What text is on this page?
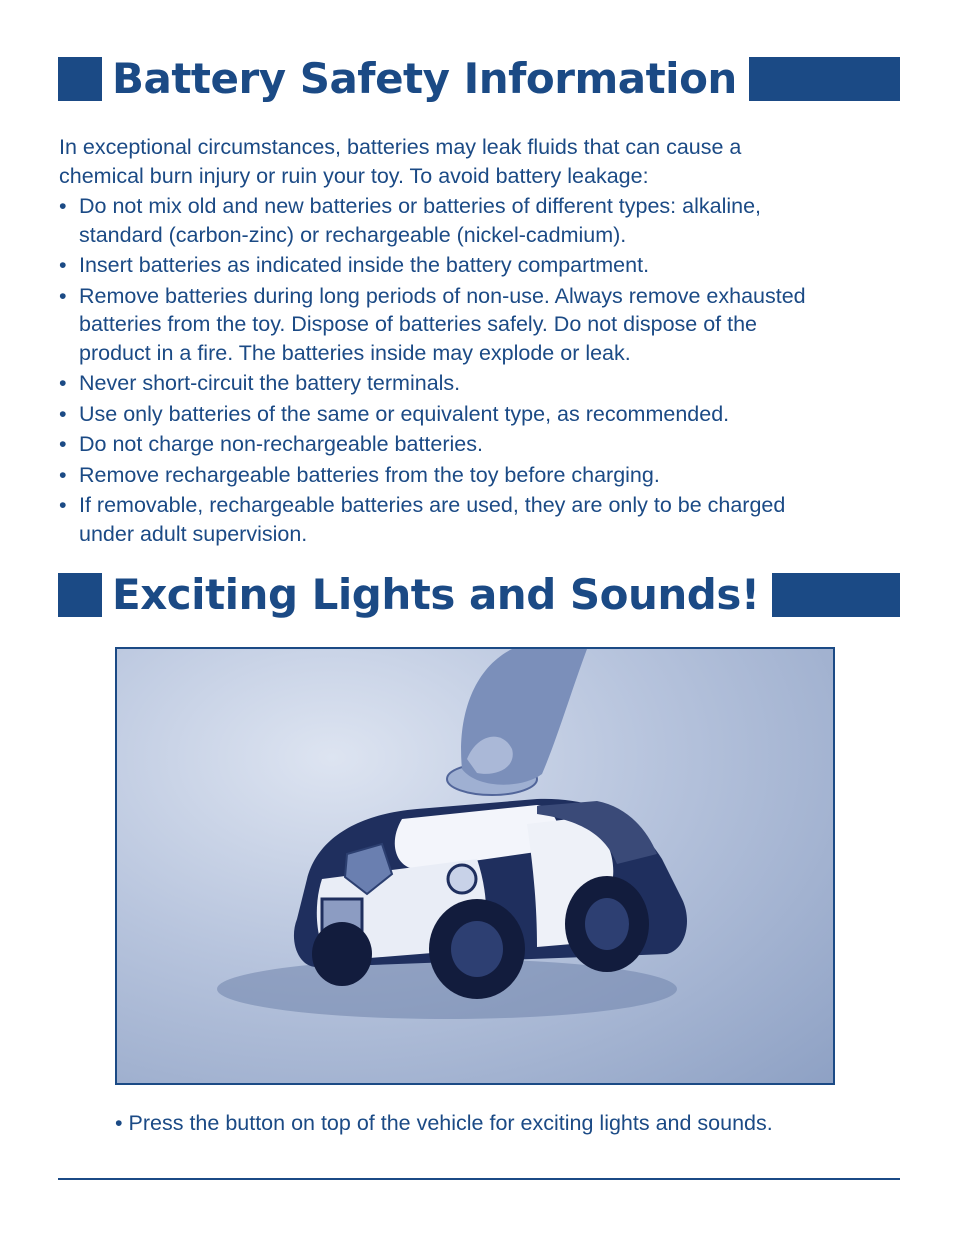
Battery Safety Information
In exceptional circumstances, batteries may leak fluids that can cause a
chemical burn injury or ruin your toy. To avoid battery leakage:
• Do not mix old and new batteries or batteries of different types: alkaline,
standard (carbon-zinc) or rechargeable (nickel-cadmium).
• Insert batteries as indicated inside the battery compartment.
• Remove batteries during long periods of non-use. Always remove exhausted
batteries from the toy. Dispose of batteries safely. Do not dispose of the
product in a fire. The batteries inside may explode or leak.
• Never short-circuit the battery terminals.
• Use only batteries of the same or equivalent type, as recommended.
• Do not charge non-rechargeable batteries.
• Remove rechargeable batteries from the toy before charging.
• If removable, rechargeable batteries are used, they are only to be charged
under adult supervision.
Exciting Lights and Sounds!
• Press the button on top of the vehicle for exciting lights and sounds.
